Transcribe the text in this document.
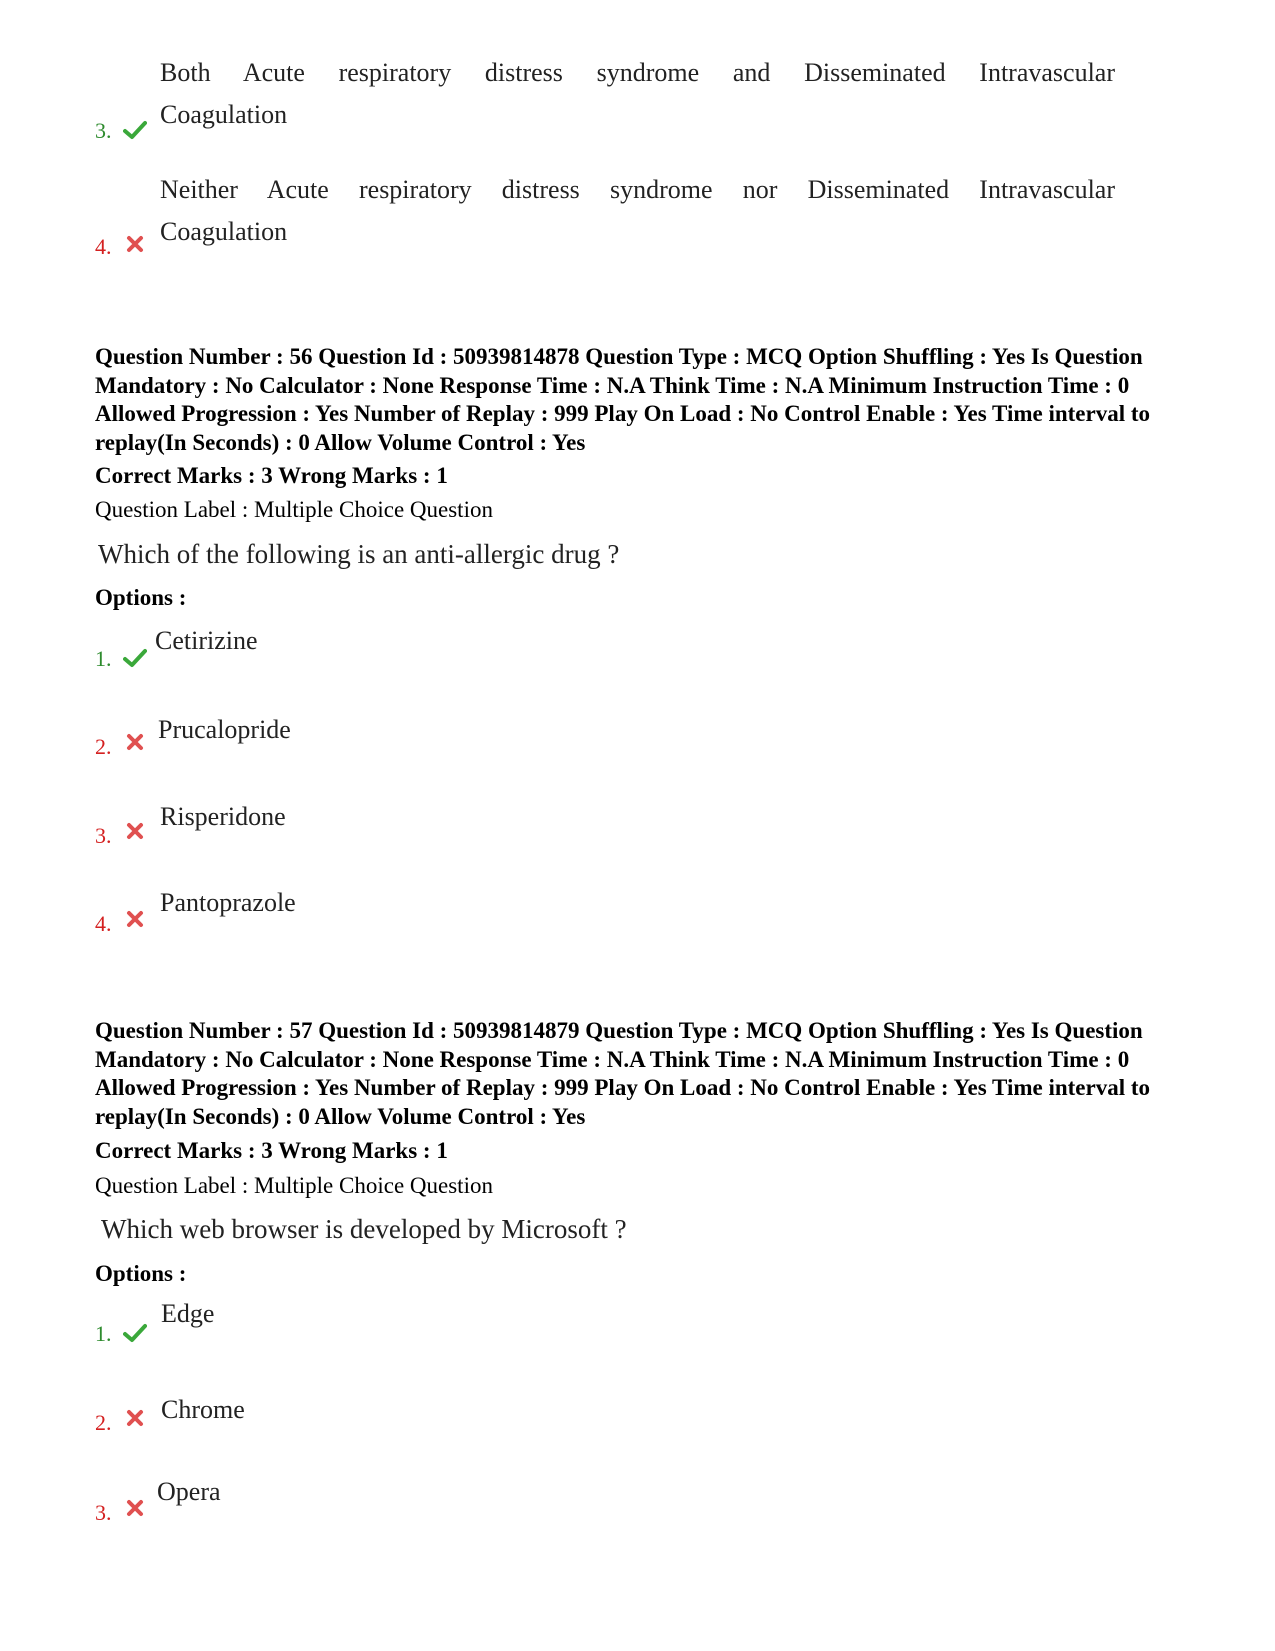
Both Acute respiratory distress syndrome and Disseminated Intravascular
Coagulation
3.
Neither Acute respiratory distress syndrome nor Disseminated Intravascular
Coagulation
4.
Question Number : 56 Question Id : 50939814878 Question Type : MCQ Option Shuffling : Yes Is Question Mandatory : No Calculator : None Response Time : N.A Think Time : N.A Minimum Instruction Time : 0 Allowed Progression : Yes Number of Replay : 999 Play On Load : No Control Enable : Yes Time interval to replay(In Seconds) : 0 Allow Volume Control : Yes
Correct Marks : 3 Wrong Marks : 1
Question Label : Multiple Choice Question
Which of the following is an anti-allergic drug ?
Options :
Cetirizine
1.
Prucalopride
2.
Risperidone
3.
Pantoprazole
4.
Question Number : 57 Question Id : 50939814879 Question Type : MCQ Option Shuffling : Yes Is Question Mandatory : No Calculator : None Response Time : N.A Think Time : N.A Minimum Instruction Time : 0 Allowed Progression : Yes Number of Replay : 999 Play On Load : No Control Enable : Yes Time interval to replay(In Seconds) : 0 Allow Volume Control : Yes
Correct Marks : 3 Wrong Marks : 1
Question Label : Multiple Choice Question
Which web browser is developed by Microsoft ?
Options :
Edge
1.
Chrome
2.
Opera
3.
